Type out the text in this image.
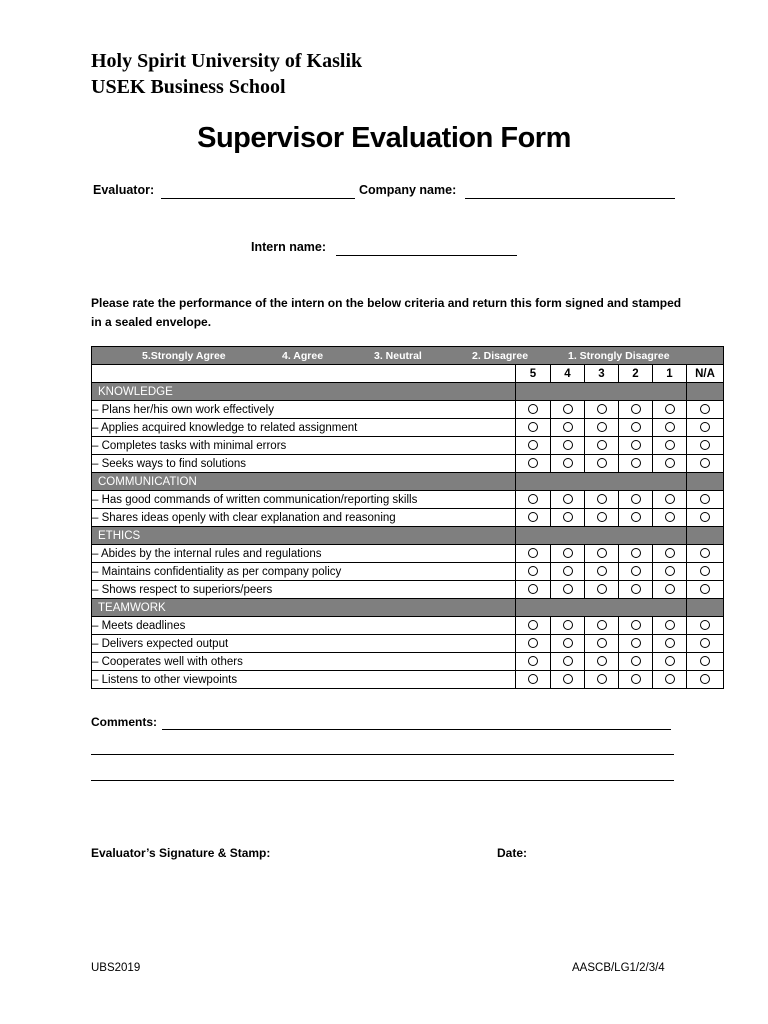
Holy Spirit University of Kaslik
USEK Business School
Supervisor Evaluation Form
Evaluator:	Company name:
Intern name:
Please rate the performance of the intern on the below criteria and return this form signed and stamped in a sealed envelope.
5.Strongly Agree 4. Agree 3. Neutral 2. Disagree 1. Strongly Disagree						

	5	4	3	2	1	N/A
KNOWLEDGE						
– Plans her/his own work effectively						
– Applies acquired knowledge to related assignment						
– Completes tasks with minimal errors						
– Seeks ways to find solutions						
COMMUNICATION						
– Has good commands of written communication/reporting skills						
– Shares ideas openly with clear explanation and reasoning						
ETHICS						
– Abides by the internal rules and regulations						
– Maintains confidentiality as per company policy						
– Shows respect to superiors/peers						
TEAMWORK						
– Meets deadlines						
– Delivers expected output						
– Cooperates well with others						
– Listens to other viewpoints						
Comments:
Evaluator’s Signature & Stamp:	Date:
UBS2019	AASCB/LG1/2/3/4
